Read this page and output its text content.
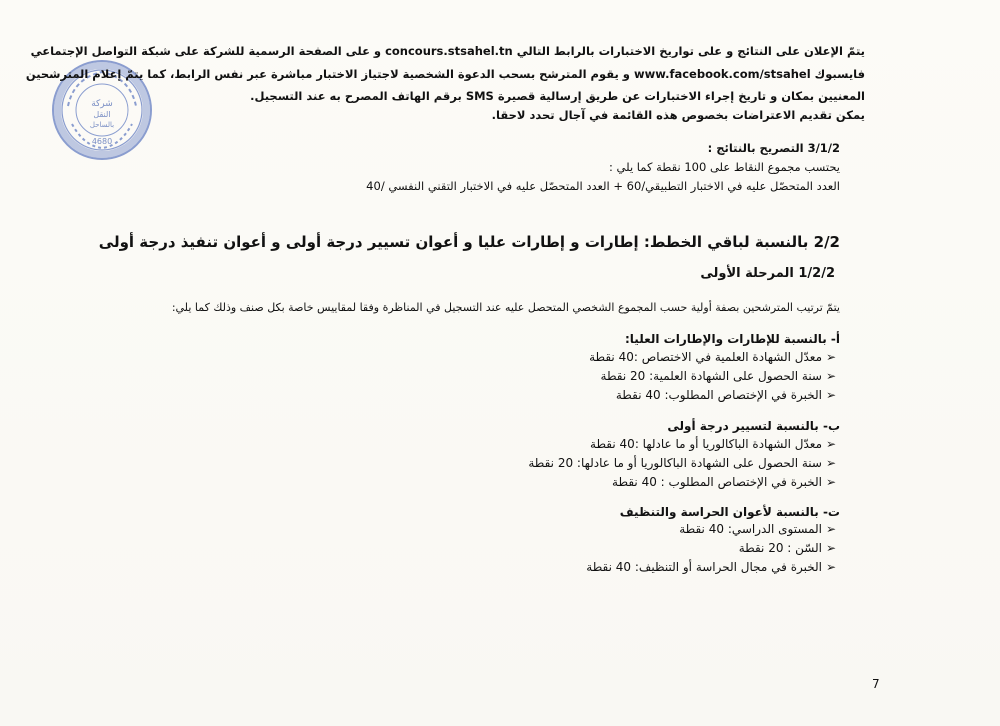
شركة
النقل
بالساحل
4680
يتمّ الإعلان على النتائج و على تواريخ الاختبارات بالرابط التالي concours.stsahel.tn و على الصفحة الرسمية للشركة على شبكة التواصل الإجتماعي
فايسبوك www.facebook.com/stsahel و يقوم المترشح بسحب الدعوة الشخصية لاجتياز الاختبار مباشرة عبر نفس الرابط، كما يتمّ إعلام المترشحين
المعنيين بمكان و تاريخ إجراء الاختبارات عن طريق إرسالية قصيرة SMS برقم الهاتف المصرح به عند التسجيل.
يمكن تقديم الاعتراضات بخصوص هذه القائمة في آجال تحدد لاحقا.
3/1/2 التصريح بالنتائج :
يحتسب مجموع النقاط على 100 نقطة كما يلي :
العدد المتحصّل عليه في الاختبار التطبيقي/60 + العدد المتحصّل عليه في الاختبار التقني النفسي /40
2/2 بالنسبة لباقي الخطط: إطارات و إطارات عليا و أعوان تسيير درجة أولى و أعوان تنفيذ درجة أولى
1/2/2 المرحلة الأولى
يتمّ ترتيب المترشحين بصفة أولية حسب المجموع الشخصي المتحصل عليه عند التسجيل في المناظرة وفقا لمقاييس خاصة بكل صنف وذلك كما يلي:
أ- بالنسبة للإطارات والإطارات العليا:
➢
معدّل الشهادة العلمية في الاختصاص :40 نقطة
➢
سنة الحصول على الشهادة العلمية: 20 نقطة
➢
الخبرة في الإختصاص المطلوب: 40 نقطة
ب- بالنسبة لتسيير درجة أولى
➢
معدّل الشهادة الباكالوريا أو ما عادلها :40 نقطة
➢
سنة الحصول على الشهادة الباكالوريا أو ما عادلها: 20 نقطة
➢
الخبرة في الإختصاص المطلوب : 40 نقطة
ت- بالنسبة لأعوان الحراسة والتنظيف
➢
المستوى الدراسي: 40 نقطة
➢
السّن : 20 نقطة
➢
الخبرة في مجال الحراسة أو التنظيف: 40 نقطة
7
